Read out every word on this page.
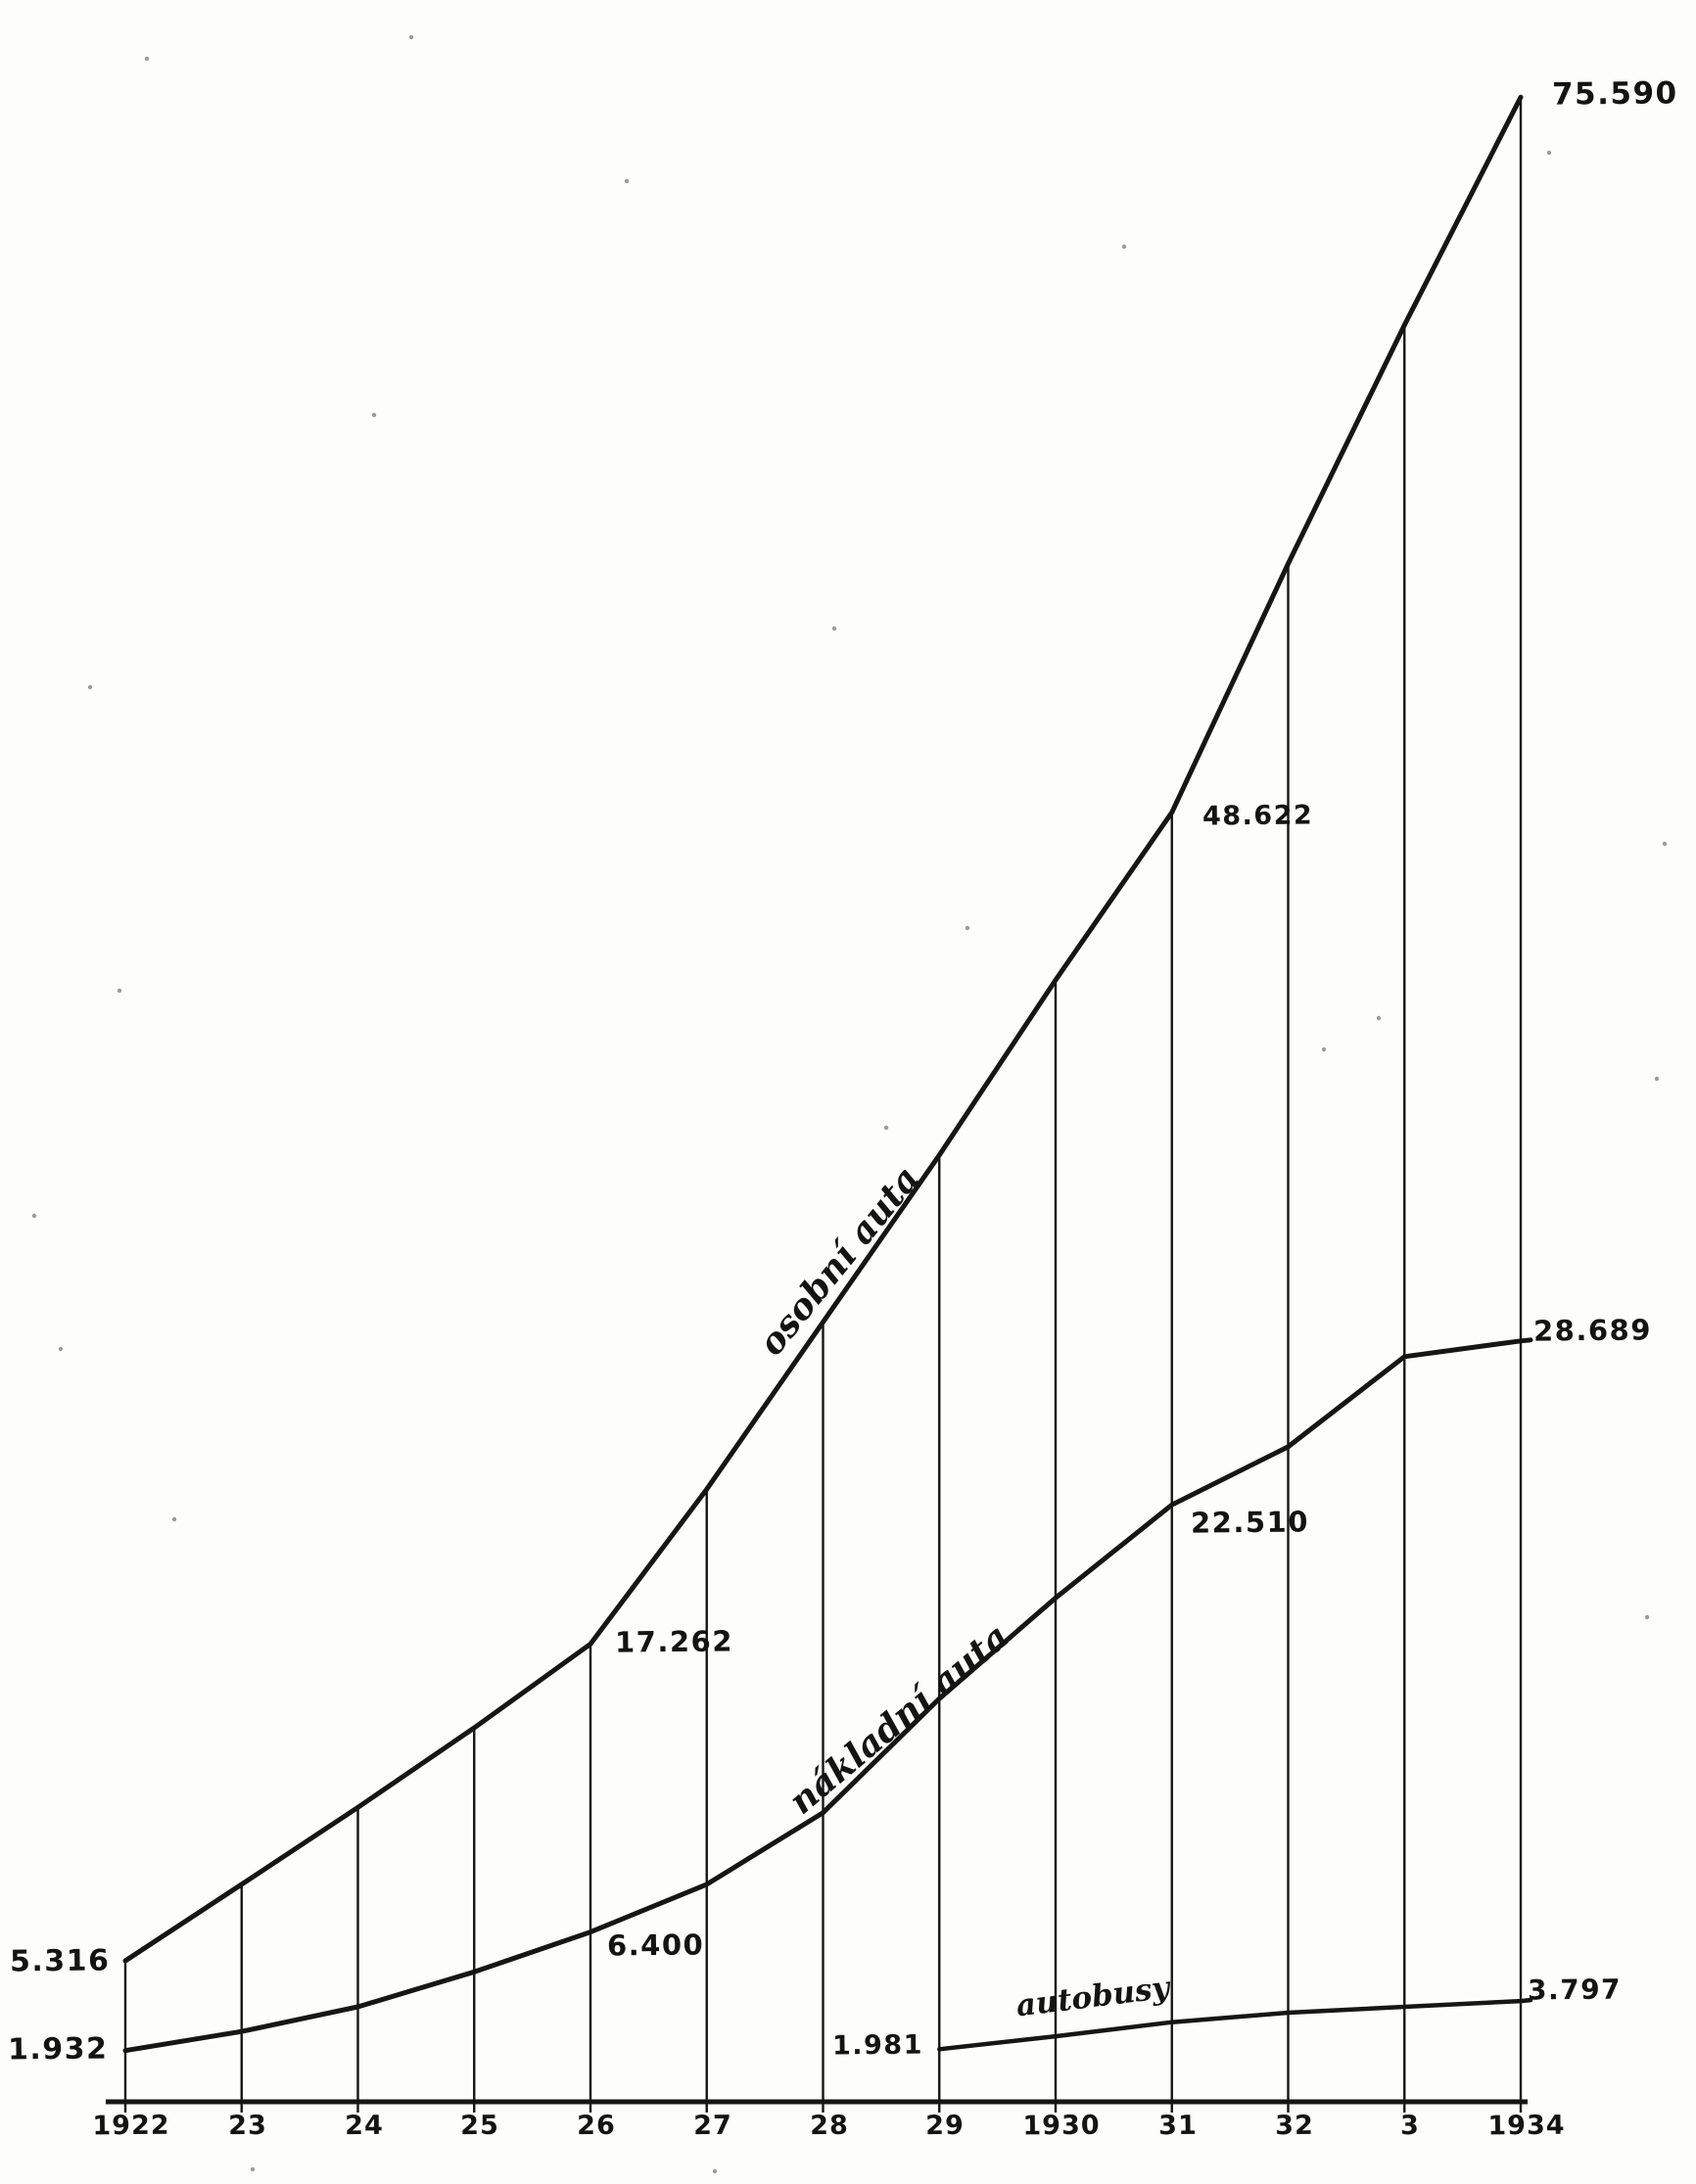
5.316
1.932
17.262
6.400
48.622
22.510
75.590
28.689
1.981
3.797
osobní auta
nákladní auta
autobusy
1922 23	24	25	26	27	28	29 1930 31	32	3	1934
